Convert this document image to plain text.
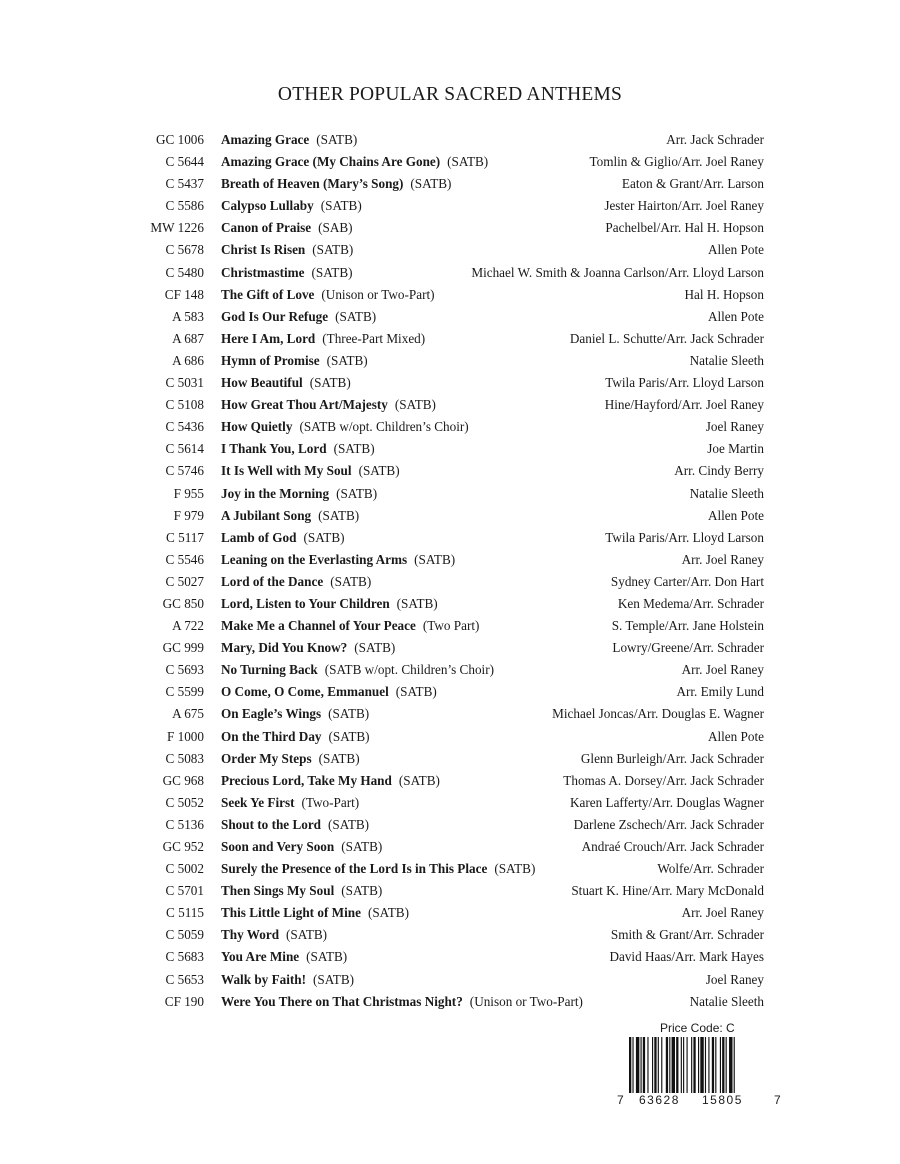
OTHER POPULAR SACRED ANTHEMS
GC 1006 Amazing Grace (SATB)	Arr. Jack Schrader
C 5644 Amazing Grace (My Chains Are Gone) (SATB)	Tomlin & Giglio/Arr. Joel Raney
C 5437 Breath of Heaven (Mary’s Song) (SATB)	Eaton & Grant/Arr. Larson
C 5586 Calypso Lullaby (SATB)	Jester Hairton/Arr. Joel Raney
MW 1226 Canon of Praise (SAB)	Pachelbel/Arr. Hal H. Hopson
C 5678 Christ Is Risen (SATB)	Allen Pote
C 5480 Christmastime (SATB)	Michael W. Smith & Joanna Carlson/Arr. Lloyd Larson
CF 148 The Gift of Love (Unison or Two-Part)	Hal H. Hopson
A 583 God Is Our Refuge (SATB)	Allen Pote
A 687 Here I Am, Lord (Three-Part Mixed)	Daniel L. Schutte/Arr. Jack Schrader
A 686 Hymn of Promise (SATB)	Natalie Sleeth
C 5031 How Beautiful (SATB)	Twila Paris/Arr. Lloyd Larson
C 5108 How Great Thou Art/Majesty (SATB)	Hine/Hayford/Arr. Joel Raney
C 5436 How Quietly (SATB w/opt. Children’s Choir)	Joel Raney
C 5614 I Thank You, Lord (SATB)	Joe Martin
C 5746 It Is Well with My Soul (SATB)	Arr. Cindy Berry
F 955 Joy in the Morning (SATB)	Natalie Sleeth
F 979 A Jubilant Song (SATB)	Allen Pote
C 5117 Lamb of God (SATB)	Twila Paris/Arr. Lloyd Larson
C 5546 Leaning on the Everlasting Arms (SATB)	Arr. Joel Raney
C 5027 Lord of the Dance (SATB)	Sydney Carter/Arr. Don Hart
GC 850 Lord, Listen to Your Children (SATB)	Ken Medema/Arr. Schrader
A 722 Make Me a Channel of Your Peace (Two Part)	S. Temple/Arr. Jane Holstein
GC 999 Mary, Did You Know? (SATB)	Lowry/Greene/Arr. Schrader
C 5693 No Turning Back (SATB w/opt. Children’s Choir)	Arr. Joel Raney
C 5599 O Come, O Come, Emmanuel (SATB)	Arr. Emily Lund
A 675 On Eagle’s Wings (SATB)	Michael Joncas/Arr. Douglas E. Wagner
F 1000 On the Third Day (SATB)	Allen Pote
C 5083 Order My Steps (SATB)	Glenn Burleigh/Arr. Jack Schrader
GC 968 Precious Lord, Take My Hand (SATB)	Thomas A. Dorsey/Arr. Jack Schrader
C 5052 Seek Ye First (Two-Part)	Karen Lafferty/Arr. Douglas Wagner
C 5136 Shout to the Lord (SATB)	Darlene Zschech/Arr. Jack Schrader
GC 952 Soon and Very Soon (SATB)	Andraé Crouch/Arr. Jack Schrader
C 5002 Surely the Presence of the Lord Is in This Place (SATB)	Wolfe/Arr. Schrader
C 5701 Then Sings My Soul (SATB)	Stuart K. Hine/Arr. Mary McDonald
C 5115 This Little Light of Mine (SATB)	Arr. Joel Raney
C 5059 Thy Word (SATB)	Smith & Grant/Arr. Schrader
C 5683 You Are Mine (SATB)	David Haas/Arr. Mark Hayes
C 5653 Walk by Faith! (SATB)	Joel Raney
CF 190 Were You There on That Christmas Night? (Unison or Two-Part)	Natalie Sleeth
Price Code: C
7 63628 15805	7
